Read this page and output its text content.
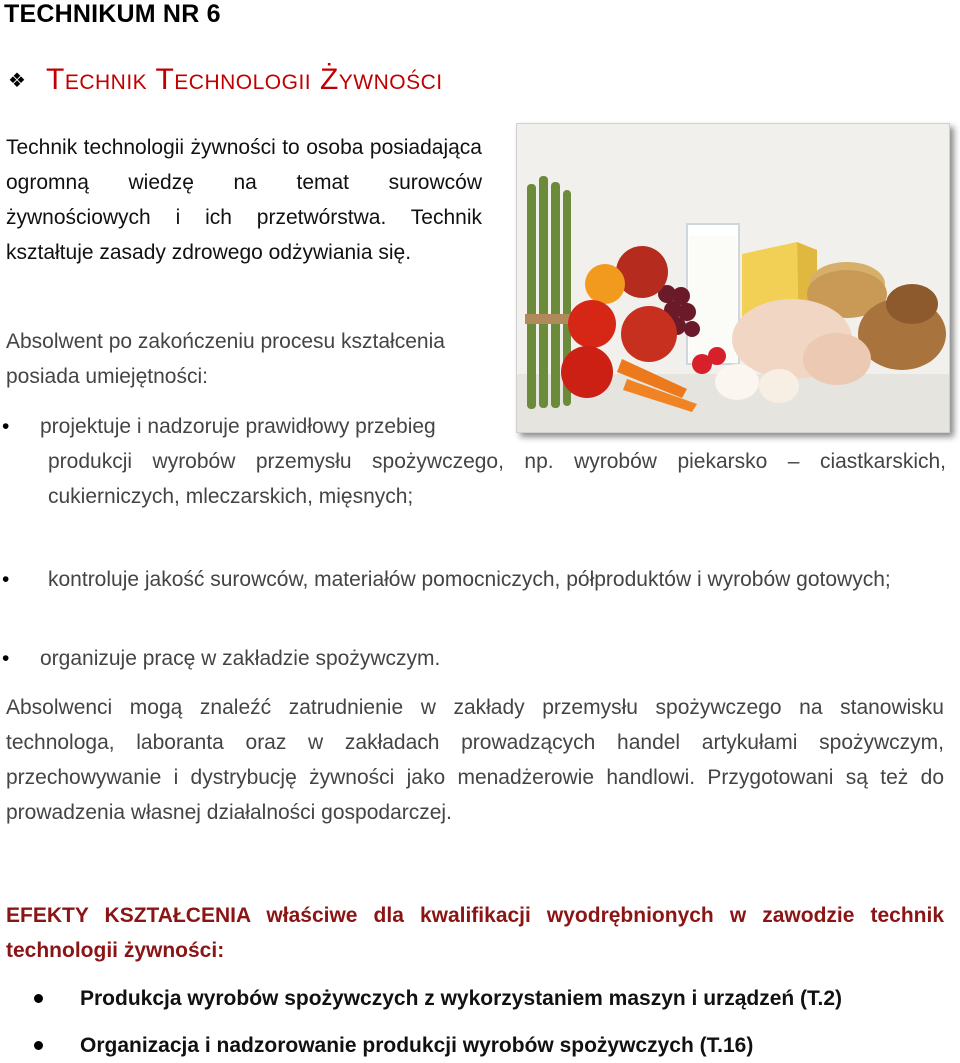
TECHNIKUM NR 6
❖ Technik Technologii Żywności
Technik technologii żywności to osoba posiadająca ogromną wiedzę na temat surowców żywnościowych i ich przetwórstwa. Technik kształtuje zasady zdrowego odżywiania się.
Absolwent po zakończeniu procesu kształcenia posiada umiejętności:
• projektuje i nadzoruje prawidłowy przebieg
produkcji wyrobów przemysłu spożywczego, np. wyrobów piekarsko – ciastkarskich, cukierniczych, mleczarskich, mięsnych;
• kontroluje jakość surowców, materiałów pomocniczych, półproduktów i wyrobów gotowych;
• organizuje pracę w zakładzie spożywczym.
Absolwenci mogą znaleźć zatrudnienie w zakłady przemysłu spożywczego na stanowisku technologa, laboranta oraz w zakładach prowadzących handel artykułami spożywczym, przechowywanie i dystrybucję żywności jako menadżerowie handlowi. Przygotowani są też do prowadzenia własnej działalności gospodarczej.
EFEKTY KSZTAŁCENIA właściwe dla kwalifikacji wyodrębnionych w zawodzie technik technologii żywności:
Produkcja wyrobów spożywczych z wykorzystaniem maszyn i urządzeń (T.2)
Organizacja i nadzorowanie produkcji wyrobów spożywczych (T.16)
